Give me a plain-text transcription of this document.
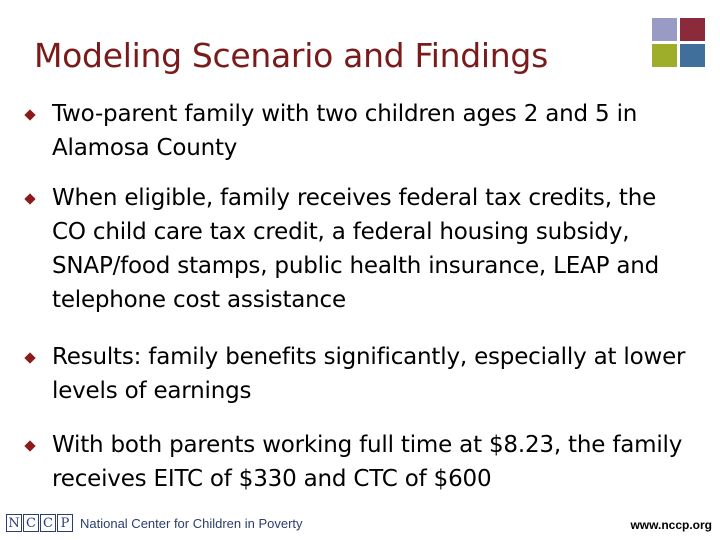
Modeling Scenario and Findings
Two-parent family with two children ages 2 and 5 in Alamosa County
When eligible, family receives federal tax credits, the CO child care tax credit, a federal housing subsidy, SNAP/food stamps, public health insurance, LEAP and telephone cost assistance
Results: family benefits significantly, especially at lower levels of earnings
With both parents working full time at $8.23, the family receives EITC of $330 and CTC of $600
N C C P National Center for Children in Poverty	www.nccp.org
